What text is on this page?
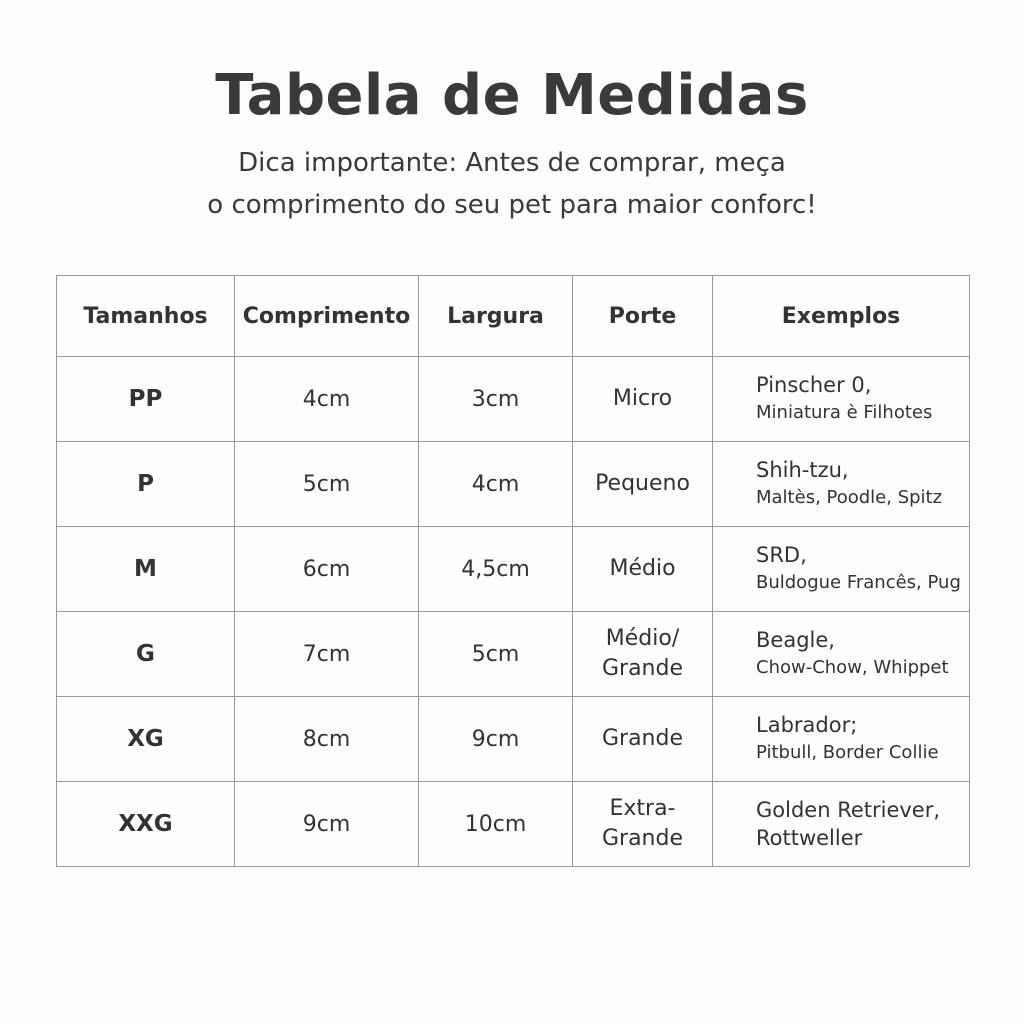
Tabela de Medidas
Dica importante: Antes de comprar, meça
o comprimento do seu pet para maior conforc!
Tamanhos	Comprimento	Largura	Porte	Exemplos
PP	4cm	3cm	Micro	Pinscher 0,
Miniatura è Filhotes

P	5cm	4cm	Pequeno	Shih-tzu,
Maltès, Poodle, Spitz

M	6cm	4,5cm	Médio	SRD,
Buldogue Francês, Pug

G	7cm	5cm	Médio/
Grande	Beagle,
Chow-Chow, Whippet

XG	8cm	9cm	Grande	Labrador;
Pitbull, Border Collie

XXG	9cm	10cm	Extra-
Grande	Golden Retriever,
Rottweller
